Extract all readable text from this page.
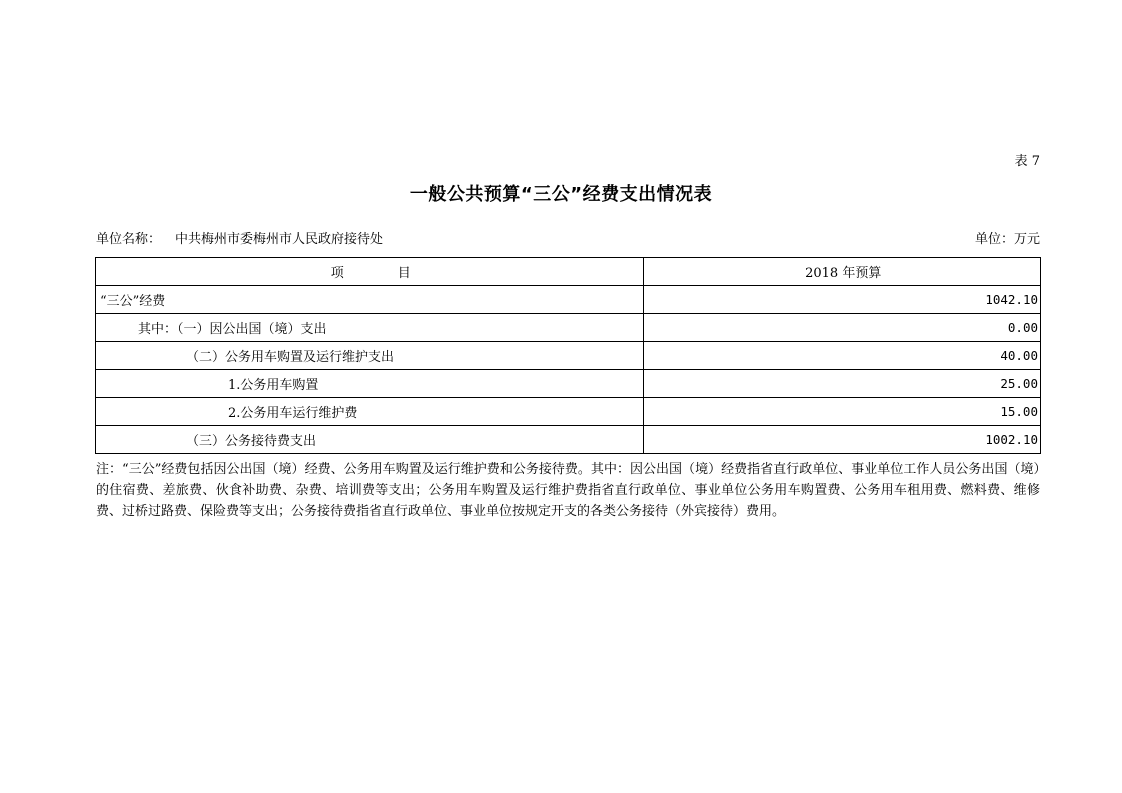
表 7
一般公共预算“三公”经费支出情况表
单位名称： 中共梅州市委梅州市人民政府接待处	单位：万元
项 目	2018 年预算
“三公”经费	1042.10
其中：（一）因公出国（境）支出	0.00
（二）公务用车购置及运行维护支出	40.00
1.公务用车购置	25.00
2.公务用车运行维护费	15.00
（三）公务接待费支出	1002.10
注：“三公”经费包括因公出国（境）经费、公务用车购置及运行维护费和公务接待费。其中：因公出国（境）经费指省直行政单位、事业单位工作人员公务出国（境）的住宿费、差旅费、伙食补助费、杂费、培训费等支出；公务用车购置及运行维护费指省直行政单位、事业单位公务用车购置费、公务用车租用费、燃料费、维修费、过桥过路费、保险费等支出；公务接待费指省直行政单位、事业单位按规定开支的各类公务接待（外宾接待）费用。
